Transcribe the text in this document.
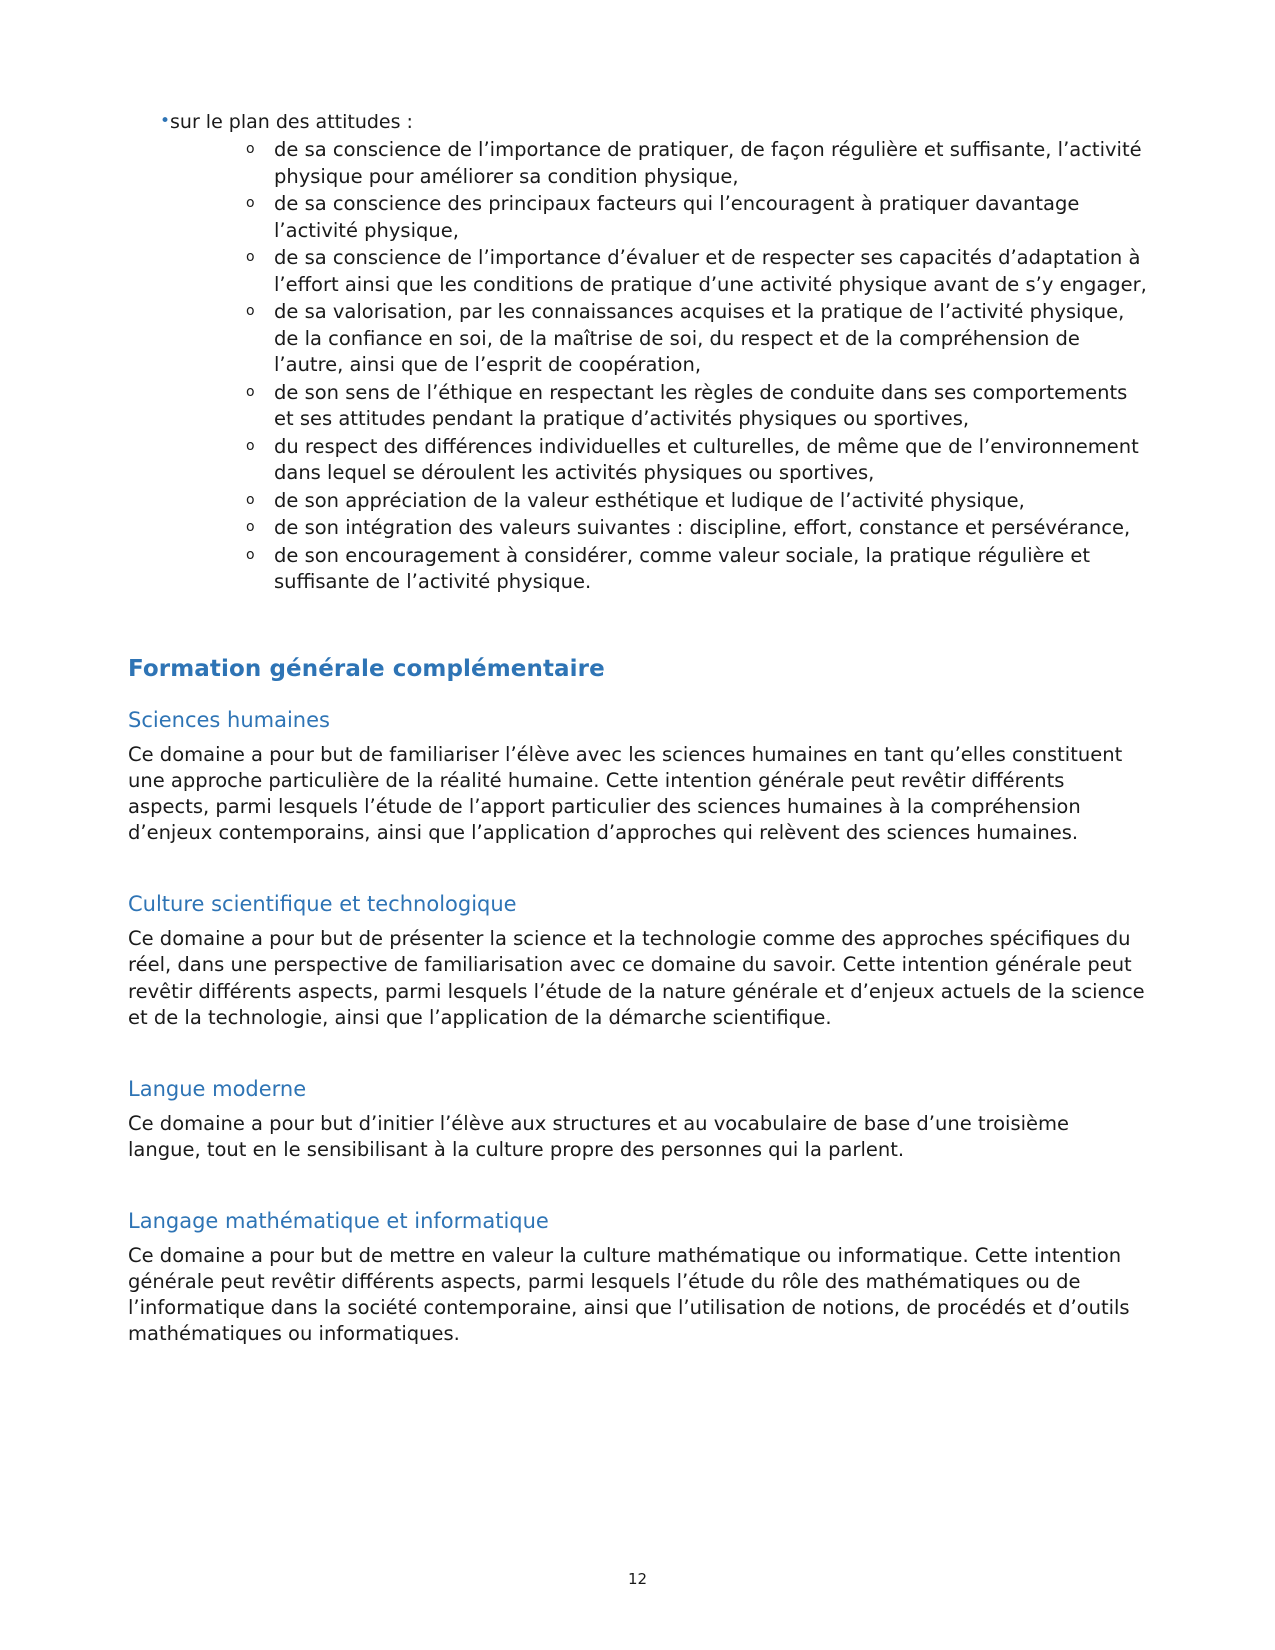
• sur le plan des attitudes :
o de sa conscience de l’importance de pratiquer, de façon régulière et suffisante, l’activité physique pour améliorer sa condition physique,
o de sa conscience des principaux facteurs qui l’encouragent à pratiquer davantage l’activité physique,
o de sa conscience de l’importance d’évaluer et de respecter ses capacités d’adaptation à l’effort ainsi que les conditions de pratique d’une activité physique avant de s’y engager,
o de sa valorisation, par les connaissances acquises et la pratique de l’activité physique, de la confiance en soi, de la maîtrise de soi, du respect et de la compréhension de l’autre, ainsi que de l’esprit de coopération,
o de son sens de l’éthique en respectant les règles de conduite dans ses comportements et ses attitudes pendant la pratique d’activités physiques ou sportives,
o du respect des différences individuelles et culturelles, de même que de l’environnement dans lequel se déroulent les activités physiques ou sportives,
o de son appréciation de la valeur esthétique et ludique de l’activité physique,
o de son intégration des valeurs suivantes : discipline, effort, constance et persévérance,
o de son encouragement à considérer, comme valeur sociale, la pratique régulière et suffisante de l’activité physique.
Formation générale complémentaire
Sciences humaines

Ce domaine a pour but de familiariser l’élève avec les sciences humaines en tant qu’elles constituent une approche particulière de la réalité humaine. Cette intention générale peut revêtir différents aspects, parmi lesquels l’étude de l’apport particulier des sciences humaines à la compréhension d’enjeux contemporains, ainsi que l’application d’approches qui relèvent des sciences humaines.

Culture scientifique et technologique

Ce domaine a pour but de présenter la science et la technologie comme des approches spécifiques du réel, dans une perspective de familiarisation avec ce domaine du savoir. Cette intention générale peut revêtir différents aspects, parmi lesquels l’étude de la nature générale et d’enjeux actuels de la science et de la technologie, ainsi que l’application de la démarche scientifique.

Langue moderne

Ce domaine a pour but d’initier l’élève aux structures et au vocabulaire de base d’une troisième langue, tout en le sensibilisant à la culture propre des personnes qui la parlent.

Langage mathématique et informatique

Ce domaine a pour but de mettre en valeur la culture mathématique ou informatique. Cette intention générale peut revêtir différents aspects, parmi lesquels l’étude du rôle des mathématiques ou de l’informatique dans la société contemporaine, ainsi que l’utilisation de notions, de procédés et d’outils mathématiques ou informatiques.

12
